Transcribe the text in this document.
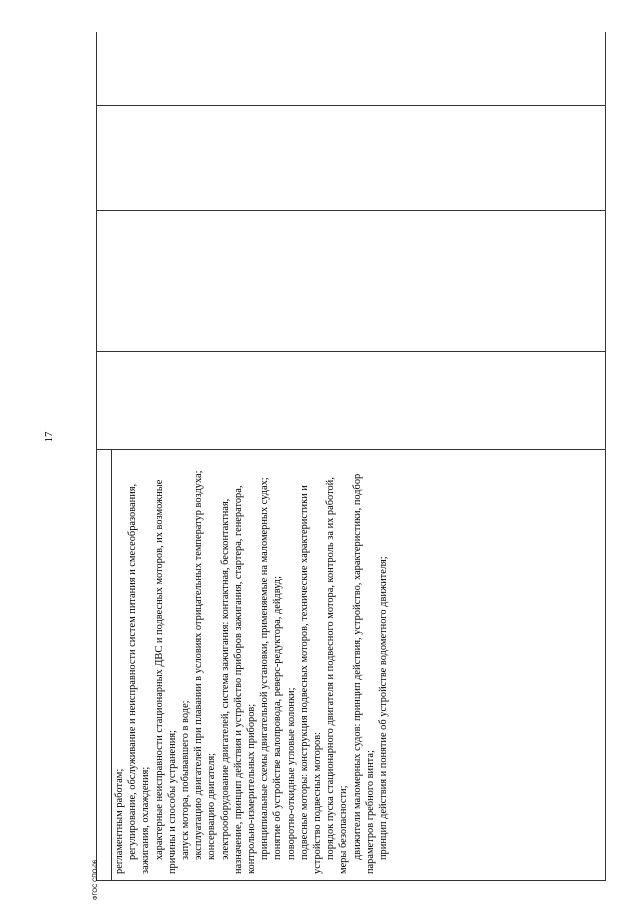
17

регламентным работам; регулирование, обслуживание и неисправности систем питания и смесеобразования, зажигания, охлаждения; характерные неисправности стационарных ДВС и подвесных моторов, их возможные причины и способы устранения; запуск мотора, побывавшего в воде; эксплуатацию двигателей при плавании в условиях отрицательных температур воздуха; консервацию двигателя; электрооборудование двигателей, система зажигания: контактная, бесконтактная, назначение, принцип действия и устройство приборов зажигания, стартера, генератора, контрольно-измерительных приборов; принципиальные схемы двигательной установки, применяемые на маломерных судах; понятие об устройстве валопровода, реверс-редуктора, дейдвуд; поворотно-откидные угловые колонки; подвесные моторы: конструкция подвесных моторов, технические характеристики и устройство подвесных моторов: порядок пуска стационарного двигателя и подвесного мотора, контроль за их работой, меры безопасности; движители маломерных судов: принцип действия, устройство, характеристики, подбор параметров гребного винта; принцип действия и понятие об устройстве водометного движителя;
ФГОС СПО-06
